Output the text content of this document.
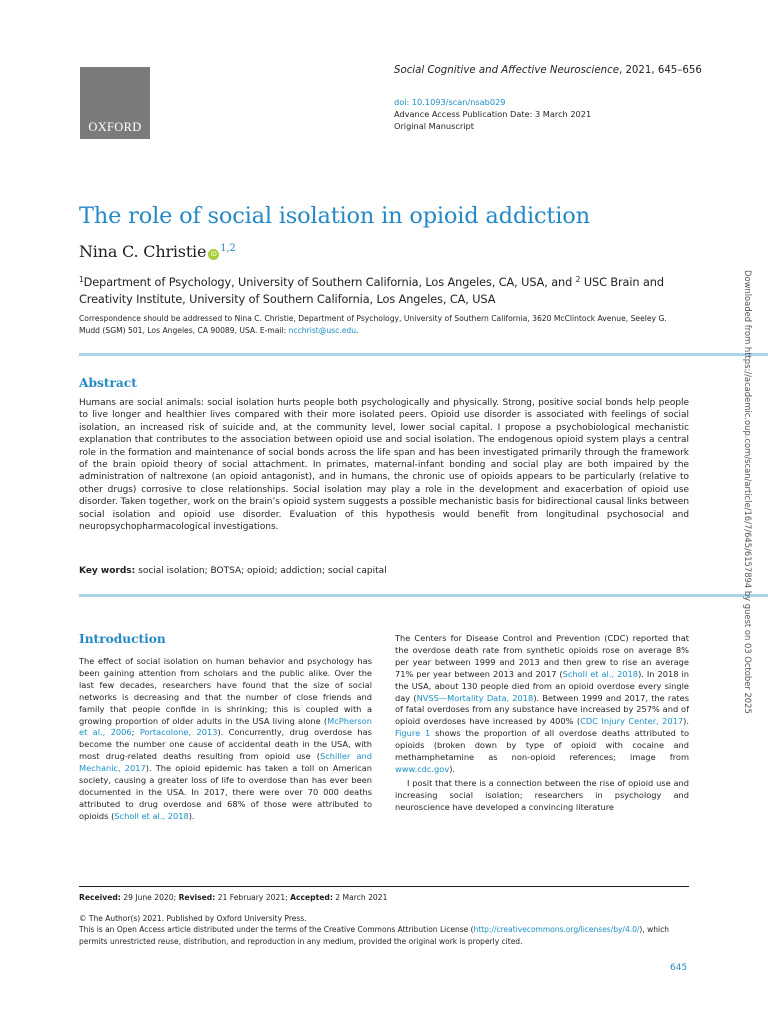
OXFORD
Social Cognitive and Affective Neuroscience, 2021, 645–656
doi: 10.1093/scan/nsab029
Advance Access Publication Date: 3 March 2021
Original Manuscript
The role of social isolation in opioid addiction
Nina C. Christie iD$^{1,2}$
$^1$Department of Psychology, University of Southern California, Los Angeles, CA, USA, and $^2$ USC Brain and Creativity Institute, University of Southern California, Los Angeles, CA, USA
Correspondence should be addressed to Nina C. Christie, Department of Psychology, University of Southern California, 3620 McClintock Avenue, Seeley G. Mudd (SGM) 501, Los Angeles, CA 90089, USA. E-mail: ncchrist@usc.edu.
Abstract

Humans are social animals: social isolation hurts people both psychologically and physically. Strong, positive social bonds help people to live longer and healthier lives compared with their more isolated peers. Opioid use disorder is associated with feelings of social isolation, an increased risk of suicide and, at the community level, lower social capital. I propose a psychobiological mechanistic explanation that contributes to the association between opioid use and social isolation. The endogenous opioid system plays a central role in the formation and maintenance of social bonds across the life span and has been investigated primarily through the framework of the brain opioid theory of social attachment. In primates, maternal-infant bonding and social play are both impaired by the administration of naltrexone (an opioid antagonist), and in humans, the chronic use of opioids appears to be particularly (relative to other drugs) corrosive to close relationships. Social isolation may play a role in the development and exacerbation of opioid use disorder. Taken together, work on the brain’s opioid system suggests a possible mechanistic basis for bidirectional causal links between social isolation and opioid use disorder. Evaluation of this hypothesis would benefit from longitudinal psychosocial and neuropsychopharmacological investigations.

Key words: social isolation; BOTSA; opioid; addiction; social capital
Introduction

The effect of social isolation on human behavior and psychology has been gaining attention from scholars and the public alike. Over the last few decades, researchers have found that the size of social networks is decreasing and that the number of close friends and family that people confide in is shrinking; this is coupled with a growing proportion of older adults in the USA living alone (McPherson et al., 2006; Portacolone, 2013). Concurrently, drug overdose has become the number one cause of accidental death in the USA, with most drug-related deaths resulting from opioid use (Schiller and Mechanic, 2017). The opioid epidemic has taken a toll on American society, causing a greater loss of life to overdose than has ever been documented in the USA. In 2017, there were over 70 000 deaths attributed to drug overdose and 68% of those were attributed to opioids (Scholl et al., 2018).

The Centers for Disease Control and Prevention (CDC) reported that the overdose death rate from synthetic opioids rose on average 8% per year between 1999 and 2013 and then grew to rise an average 71% per year between 2013 and 2017 (Scholl et al., 2018). In 2018 in the USA, about 130 people died from an opioid overdose every single day (NVSS—Mortality Data, 2018). Between 1999 and 2017, the rates of fatal overdoses from any substance have increased by 257% and of opioid overdoses have increased by 400% (CDC Injury Center, 2017). Figure 1 shows the proportion of all overdose deaths attributed to opioids (broken down by type of opioid with cocaine and methamphetamine as non-opioid references; image from www.cdc.gov).

I posit that there is a connection between the rise of opioid use and increasing social isolation; researchers in psychology and neuroscience have developed a convincing literature

Received: 29 June 2020; Revised: 21 February 2021; Accepted: 2 March 2021
© The Author(s) 2021. Published by Oxford University Press.
This is an Open Access article distributed under the terms of the Creative Commons Attribution License (http://creativecommons.org/licenses/by/4.0/), which permits unrestricted reuse, distribution, and reproduction in any medium, provided the original work is properly cited.
645
Downloaded from https://academic.oup.com/scan/article/16/7/645/6157894 by guest on 03 October 2025
